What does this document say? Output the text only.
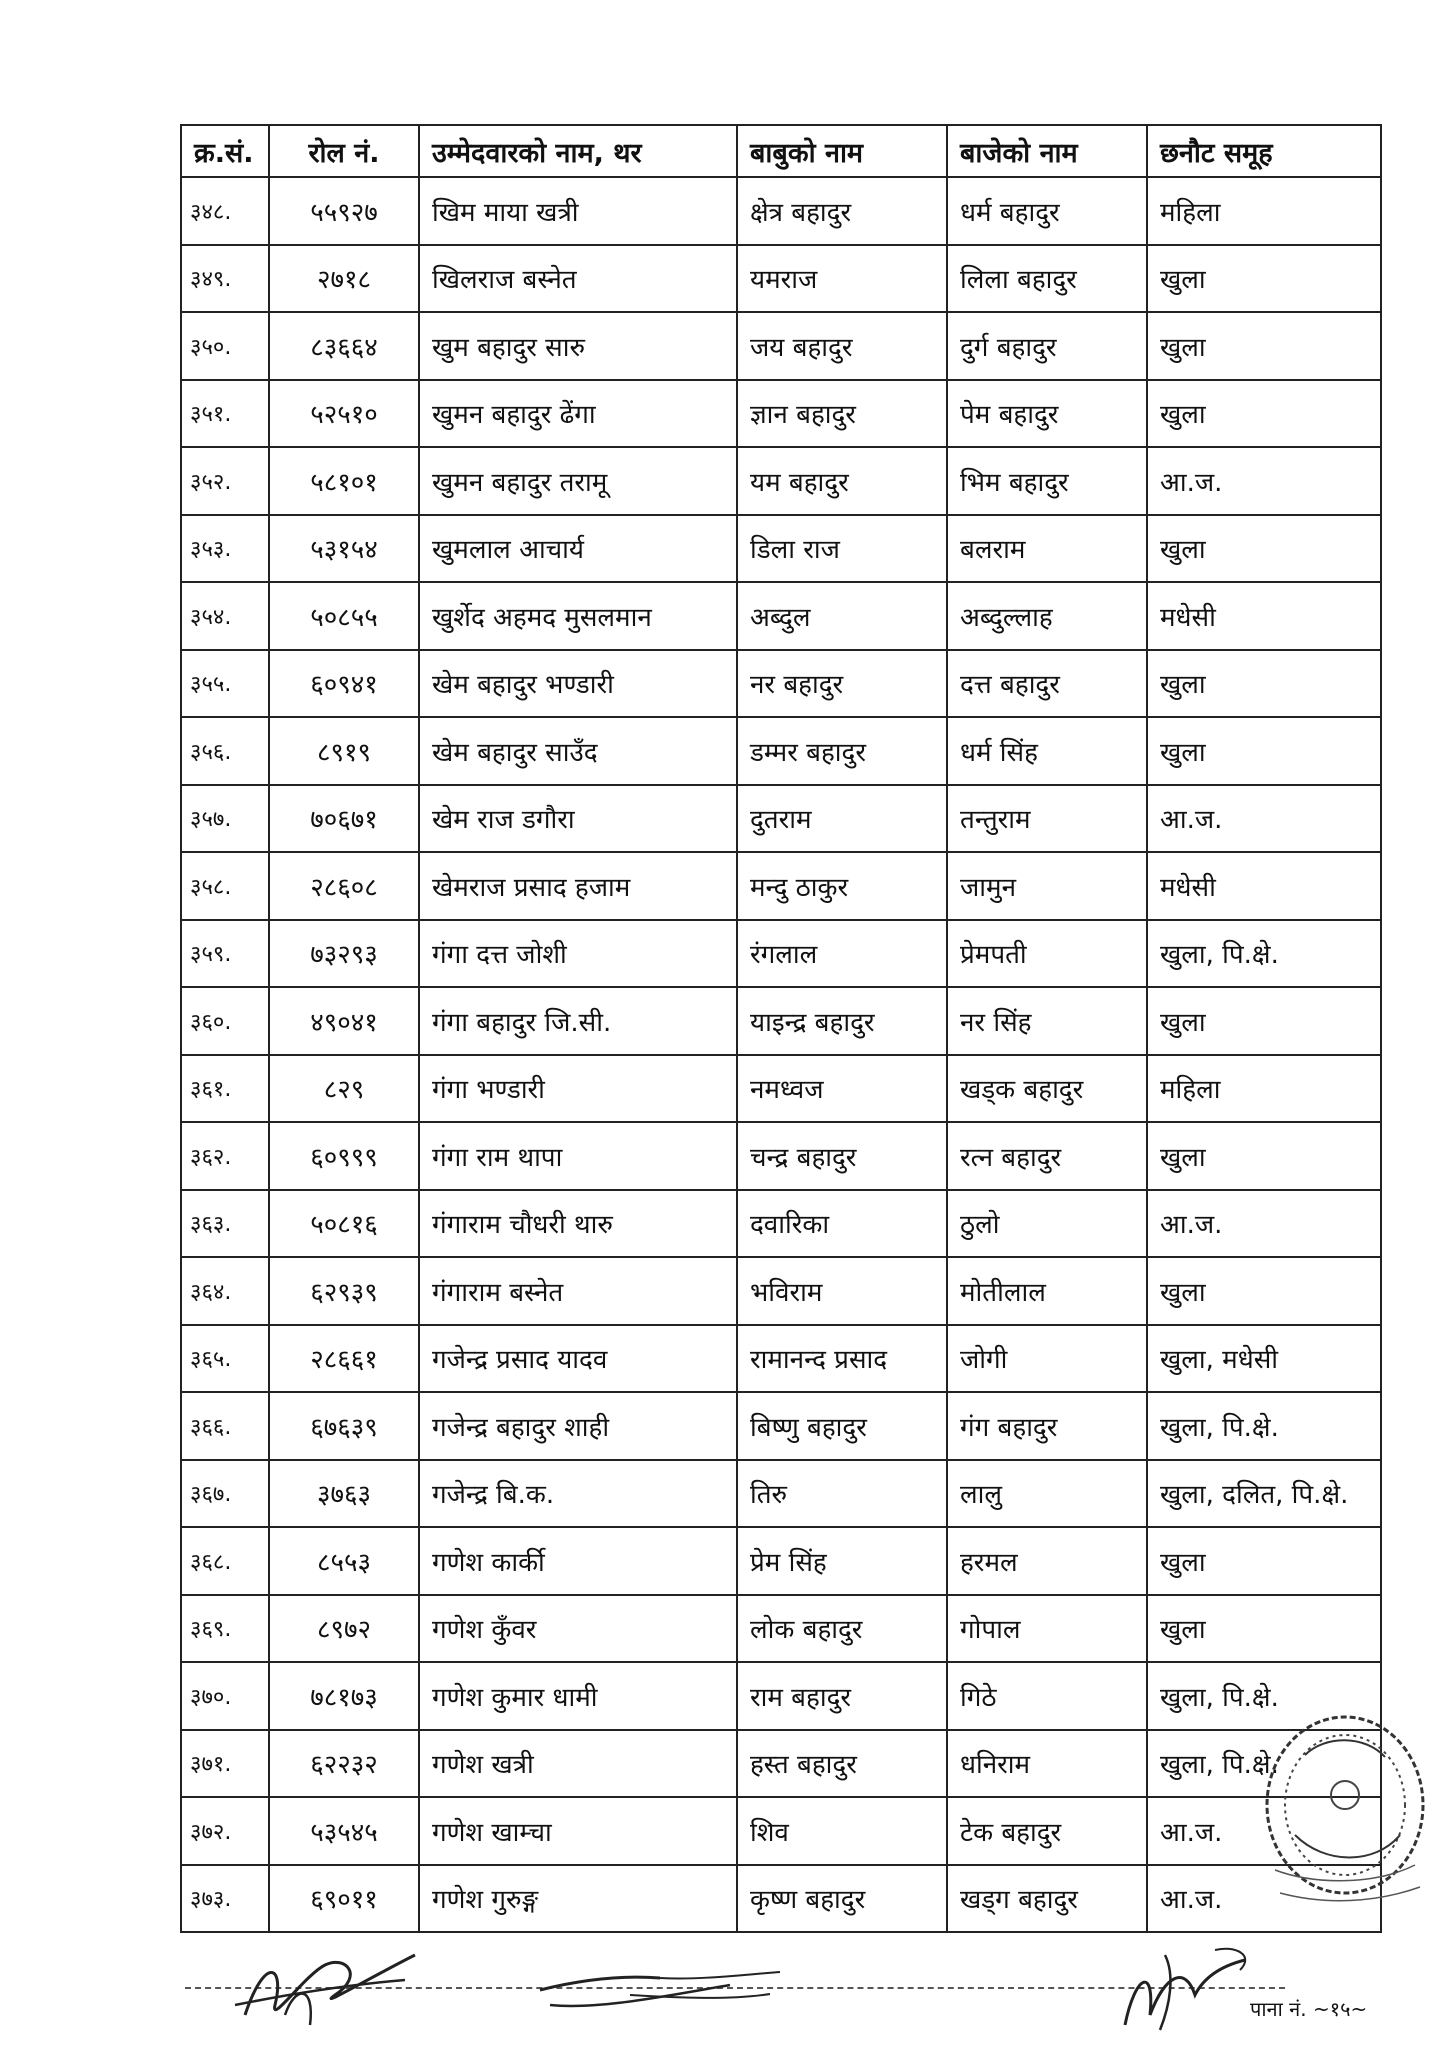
क्र.सं.	रोल नं.	उम्मेदवारको नाम, थर	बाबुको नाम	बाजेको नाम	छनौट समूह
३४८.	५५९२७	खिम माया खत्री	क्षेत्र बहादुर	धर्म बहादुर	महिला
३४९.	२७१८	खिलराज बस्नेत	यमराज	लिला बहादुर	खुला
३५०.	८३६६४	खुम बहादुर सारु	जय बहादुर	दुर्ग बहादुर	खुला
३५१.	५२५१०	खुमन बहादुर ढेंगा	ज्ञान बहादुर	पेम बहादुर	खुला
३५२.	५८१०१	खुमन बहादुर तरामू	यम बहादुर	भिम बहादुर	आ.ज.
३५३.	५३१५४	खुमलाल आचार्य	डिला राज	बलराम	खुला
३५४.	५०८५५	खुर्शेद अहमद मुसलमान	अब्दुल	अब्दुल्लाह	मधेसी
३५५.	६०९४१	खेम बहादुर भण्डारी	नर बहादुर	दत्त बहादुर	खुला
३५६.	८९१९	खेम बहादुर साउँद	डम्मर बहादुर	धर्म सिंह	खुला
३५७.	७०६७१	खेम राज डगौरा	दुतराम	तन्तुराम	आ.ज.
३५८.	२८६०८	खेमराज प्रसाद हजाम	मन्दु ठाकुर	जामुन	मधेसी
३५९.	७३२९३	गंगा दत्त जोशी	रंगलाल	प्रेमपती	खुला, पि.क्षे.
३६०.	४९०४१	गंगा बहादुर जि.सी.	याइन्द्र बहादुर	नर सिंह	खुला
३६१.	८२९	गंगा भण्डारी	नमध्वज	खड्क बहादुर	महिला
३६२.	६०९९९	गंगा राम थापा	चन्द्र बहादुर	रत्न बहादुर	खुला
३६३.	५०८१६	गंगाराम चौधरी थारु	दवारिका	ठुलो	आ.ज.
३६४.	६२९३९	गंगाराम बस्नेत	भविराम	मोतीलाल	खुला
३६५.	२८६६१	गजेन्द्र प्रसाद यादव	रामानन्द प्रसाद	जोगी	खुला, मधेसी
३६६.	६७६३९	गजेन्द्र बहादुर शाही	बिष्णु बहादुर	गंग बहादुर	खुला, पि.क्षे.
३६७.	३७६३	गजेन्द्र बि.क.	तिरु	लालु	खुला, दलित, पि.क्षे.
३६८.	८५५३	गणेश कार्की	प्रेम सिंह	हरमल	खुला
३६९.	८९७२	गणेश कुँवर	लोक बहादुर	गोपाल	खुला
३७०.	७८१७३	गणेश कुमार धामी	राम बहादुर	गिठे	खुला, पि.क्षे.
३७१.	६२२३२	गणेश खत्री	हस्त बहादुर	धनिराम	खुला, पि.क्षे.
३७२.	५३५४५	गणेश खाम्चा	शिव	टेक बहादुर	आ.ज.
३७३.	६९०११	गणेश गुरुङ्ग	कृष्ण बहादुर	खड्ग बहादुर	आ.ज.
पाना नं. ~१५~
